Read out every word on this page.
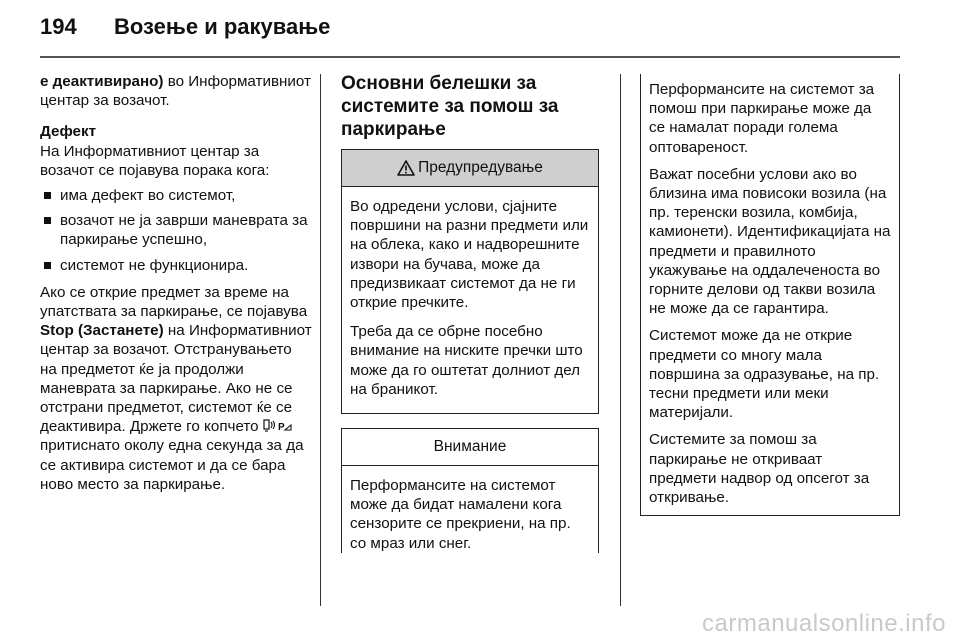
194	Возење и ракување

е деактивирано) во Информативниот центар за возачот.

Дефект
На Информативниот центар за возачот се појавува порака кога:

има дефект во системот,
возачот не ја заврши маневрата за паркирање успешно,
системот не функционира.

Ако се открие предмет за време на упатствата за паркирање, се појавува Stop (Застанете) на Информативниот центар за возачот. Отстранувањето на предметот ќе ја продолжи маневрата за паркирање. Ако не се отстрани предметот, системот ќе се деактивира. Држете го копчето P
притиснато околу една секунда за да се активира системот и да се бара ново место за паркирање.

Основни белешки за системите за помош за паркирање
Предупредување

Во одредени услови, сјајните површини на разни предмети или на облека, како и надворешните извори на бучава, може да предизвикаат системот да не ги открие пречките.

Треба да се обрне посебно внимание на ниските пречки што може да го оштетат долниот дел на браникот.

Внимание

Перформансите на системот може да бидат намалени кога сензорите се прекриени, на пр. со мраз или снег.

Перформансите на системот за помош при паркирање може да се намалат поради голема оптовареност.

Важат посебни услови ако во близина има повисоки возила (на пр. теренски возила, комбија, камионети). Идентификацијата на предмети и правилното укажување на оддалеченоста во горните делови од такви возила не може да се гарантира.

Системот може да не открие предмети со многу мала површина за одразување, на пр. тесни предмети или меки материјали.

Системите за помош за паркирање не откриваат предмети надвор од опсегот за откривање.

carmanualsonline.info
